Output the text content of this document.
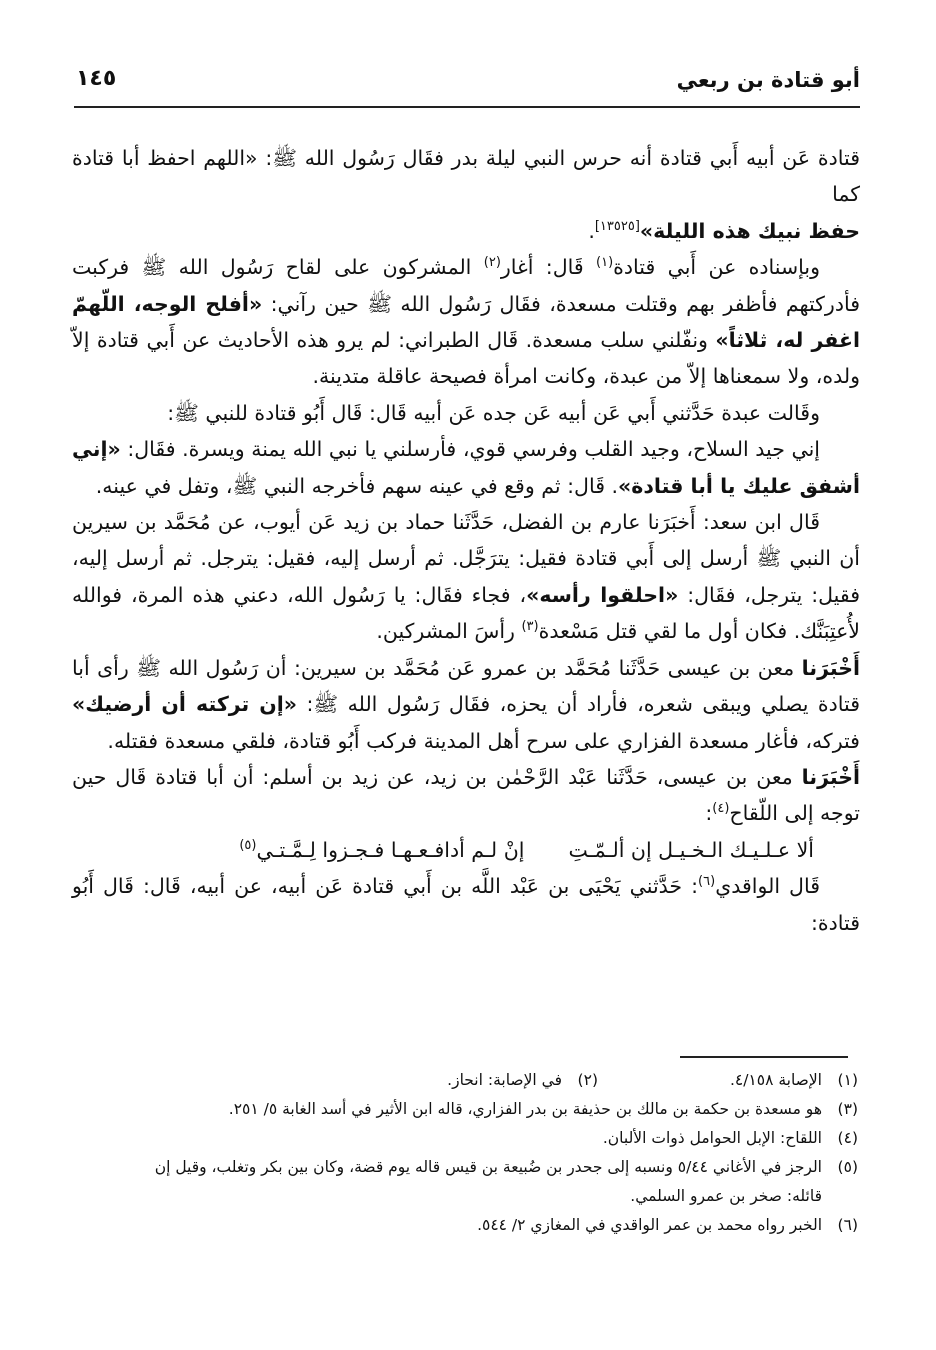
أبو قتادة بن ربعي
١٤٥

قتادة عَن أبيه أَبي قتادة أنه حرس النبي ليلة بدر فقَال رَسُول الله ﷺ: «اللهم احفظ أبا قتادة كما
حفظ نبيك هذه الليلة»[١٣٥٢٥].

وبإسناده عن أَبي قتادة$^{(١)}$ قَال: أغار$^{(٢)}$ المشركون على لقاح رَسُول الله ﷺ فركبت فأدركتهم فأظفر بهم وقتلت مسعدة، فقَال رَسُول الله ﷺ حين رآني: «أفلح الوجه، اللّهمّ اغفر له، ثلاثاً» ونفّلني سلب مسعدة. قَال الطبراني: لم يرو هذه الأحاديث عن أَبي قتادة إلاّ ولده، ولا سمعناها إلاّ من عبدة، وكانت امرأة فصيحة عاقلة متدينة.

وقَالت عبدة حَدَّثني أَبي عَن أبيه عَن جده عَن أبيه قَال: قَال أَبُو قتادة للنبي ﷺ:

إني جيد السلاح، وجيد القلب وفرسي قوي، فأرسلني يا نبي الله يمنة ويسرة. فقَال: «إني أشفق عليك يا أبا قتادة». قَال: ثم وقع في عينه سهم فأخرجه النبي ﷺ، وتفل في عينه.

قَال ابن سعد: أَخبَرَنا عارم بن الفضل، حَدَّثَنا حماد بن زيد عَن أيوب، عن مُحَمَّد بن سيرين أن النبي ﷺ أرسل إلى أَبي قتادة فقيل: يترَجَّل. ثم أرسل إليه، فقيل: يترجل. ثم أرسل إليه، فقيل: يترجل، فقَال: «احلقوا رأسه»، فجاء فقَال: يا رَسُول الله، دعني هذه المرة، فوالله لأُعتِبَنَّك. فكان أول ما لقي قتل مَسْعدة$^{(٣)}$ رأسَ المشركين.

أَخْبَرَنا معن بن عيسى حَدَّثَنا مُحَمَّد بن عمرو عَن مُحَمَّد بن سيرين: أن رَسُول الله ﷺ رأى أبا قتادة يصلي ويبقى شعره، فأراد أن يحزه، فقَال رَسُول الله ﷺ: «إن تركته أن أرضيك» فتركه، فأغار مسعدة الفزاري على سرح أهل المدينة فركب أَبُو قتادة، فلقي مسعدة فقتله.

أَخْبَرَنا معن بن عيسى، حَدَّثَنا عَبْد الرَّحْمٰن بن زيد، عن زيد بن أسلم: أن أبا قتادة قَال حين توجه إلى اللّقاح$^{(٤)}$:

ألا عـلـيـك الـخـيـل إن ألـمّـتِ
إنْ لـم أدافـعـهـا فـجـزوا لِـمَّـتـي$^{(٥)}$

قَال الواقدي$^{(٦)}$: حَدَّثني يَحْيَى بن عَبْد اللَّه بن أَبي قتادة عَن أبيه، عن أبيه، قَال: قَال أَبُو قتادة:

(١)
الإصابة ٤/١٥٨.
(٢)
في الإصابة: انحاز.
(٣)
هو مسعدة بن حكمة بن مالك بن حذيفة بن بدر الفزاري، قاله ابن الأثير في أسد الغابة ٥/ ٢٥١.
(٤)
اللقاح: الإبل الحوامل ذوات الألبان.
(٥)
الرجز في الأغاني ٥/٤٤ ونسبه إلى جحدر بن ضُبيعة بن قيس قاله يوم قضة، وكان بين بكر وتغلب، وقيل إن
قائله: صخر بن عمرو السلمي.
(٦)
الخبر رواه محمد بن عمر الواقدي في المغازي ٢/ ٥٤٤.
